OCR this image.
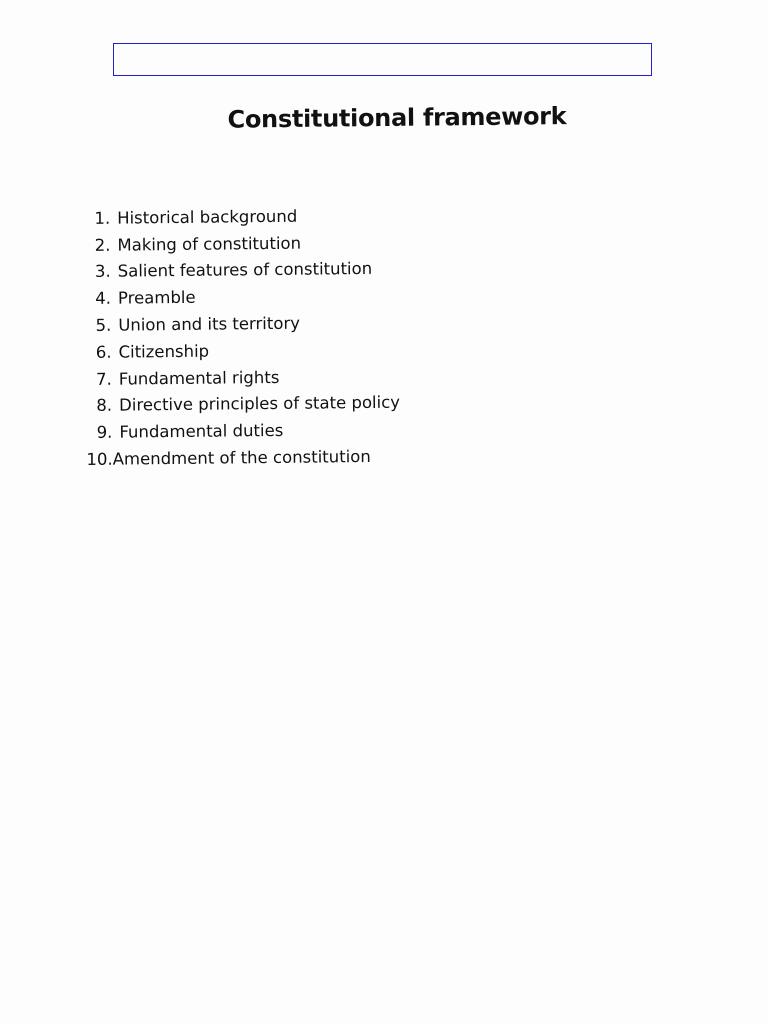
Constitutional framework
1. Historical background
2. Making of constitution
3. Salient features of constitution
4. Preamble
5. Union and its territory
6. Citizenship
7. Fundamental rights
8. Directive principles of state policy
9. Fundamental duties
10. Amendment of the constitution
